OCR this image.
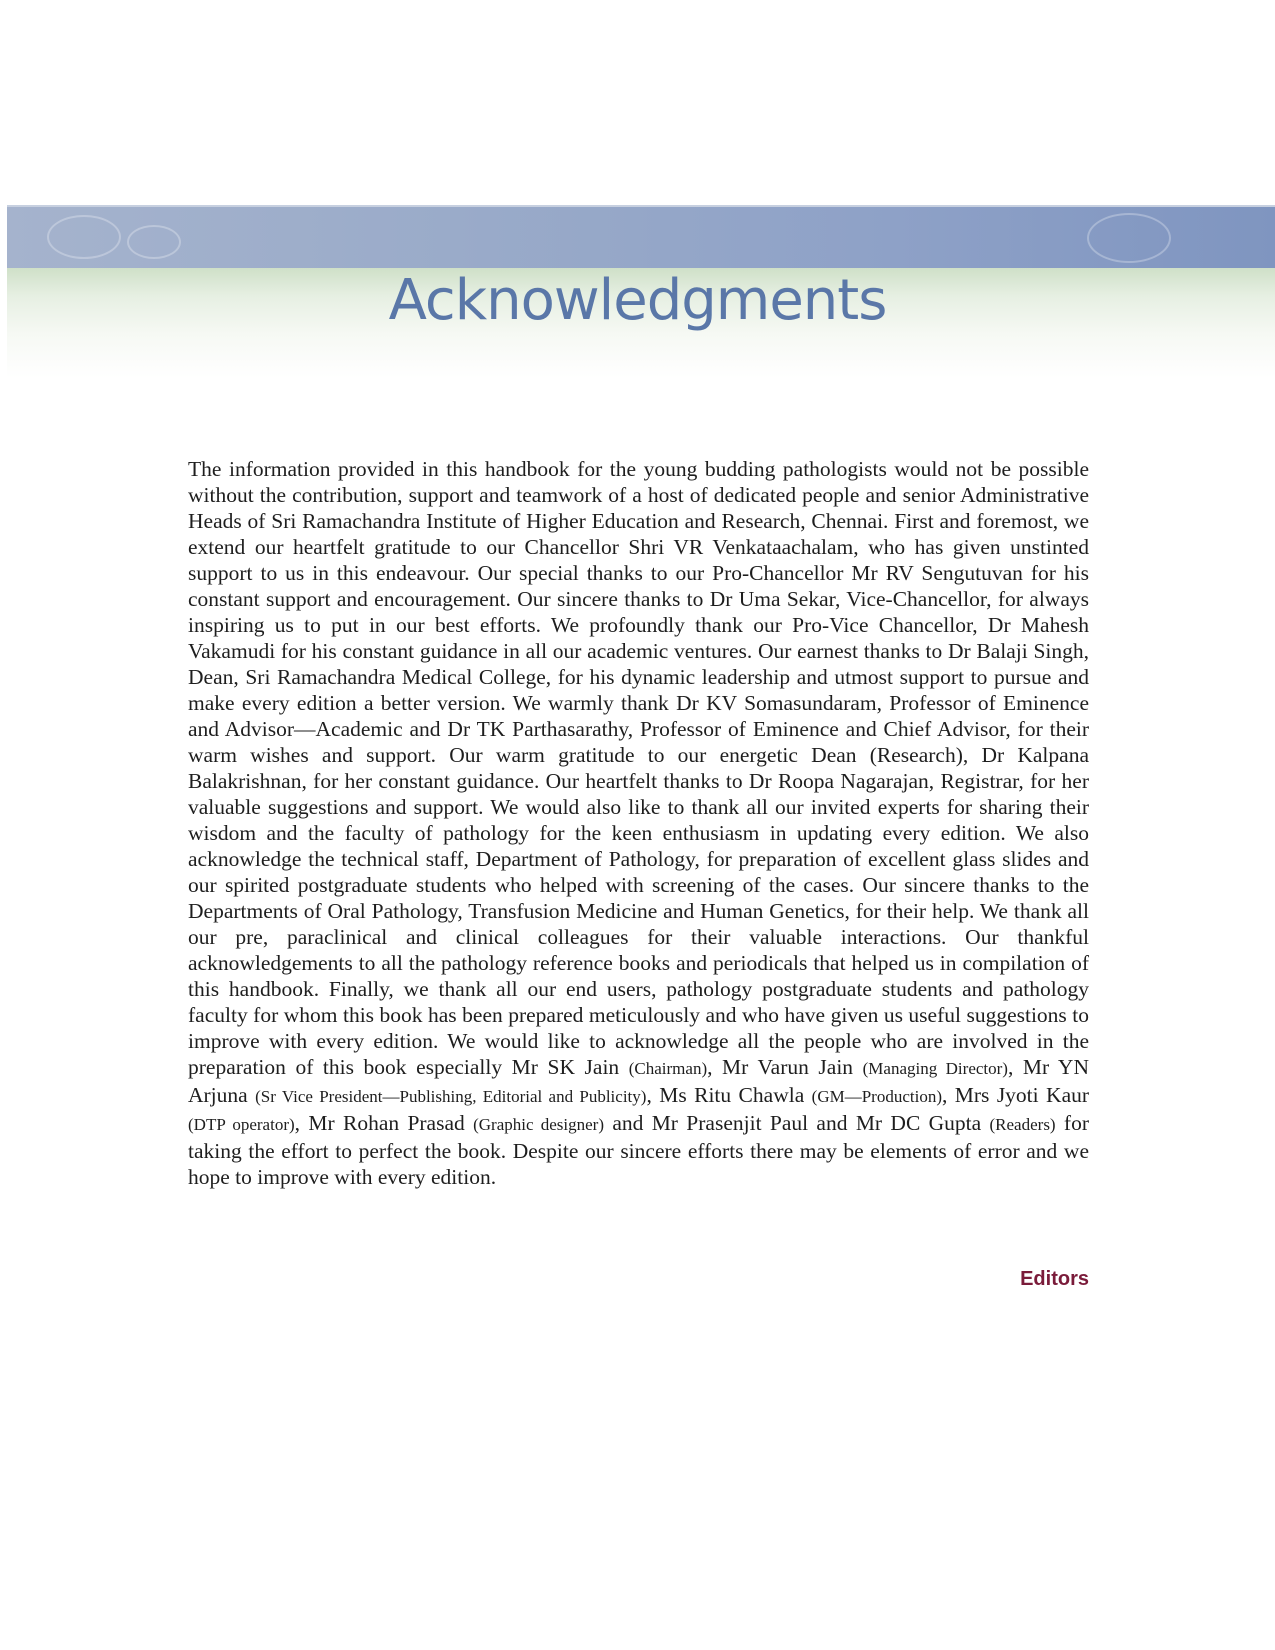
Acknowledgments

The information provided in this handbook for the young budding pathologists would not be possible without the contribution, support and teamwork of a host of dedicated people and senior Administrative Heads of Sri Ramachandra Institute of Higher Education and Research, Chennai. First and foremost, we extend our heartfelt gratitude to our Chancellor Shri VR Venkataachalam, who has given unstinted support to us in this endeavour. Our special thanks to our Pro-Chancellor Mr RV Sengutuvan for his constant support and encouragement. Our sincere thanks to Dr Uma Sekar, Vice-Chancellor, for always inspiring us to put in our best efforts. We profoundly thank our Pro-Vice Chancellor, Dr Mahesh Vakamudi for his constant guidance in all our academic ventures. Our earnest thanks to Dr Balaji Singh, Dean, Sri Ramachandra Medical College, for his dynamic leadership and utmost support to pursue and make every edition a better version. We warmly thank Dr KV Somasundaram, Professor of Eminence and Advisor—Academic and Dr TK Parthasarathy, Professor of Eminence and Chief Advisor, for their warm wishes and support. Our warm gratitude to our energetic Dean (Research), Dr Kalpana Balakrishnan, for her constant guidance. Our heartfelt thanks to Dr Roopa Nagarajan, Registrar, for her valuable suggestions and support. We would also like to thank all our invited experts for sharing their wisdom and the faculty of pathology for the keen enthusiasm in updating every edition. We also acknowledge the technical staff, Department of Pathology, for preparation of excellent glass slides and our spirited postgraduate students who helped with screening of the cases. Our sincere thanks to the Departments of Oral Pathology, Transfusion Medicine and Human Genetics, for their help. We thank all our pre, paraclinical and clinical colleagues for their valuable interactions. Our thankful acknowledgements to all the pathology reference books and periodicals that helped us in compilation of this handbook. Finally, we thank all our end users, pathology postgraduate students and pathology faculty for whom this book has been prepared meticulously and who have given us useful suggestions to improve with every edition. We would like to acknowledge all the people who are involved in the preparation of this book especially Mr SK Jain (Chairman), Mr Varun Jain (Managing Director), Mr YN Arjuna (Sr Vice President—Publishing, Editorial and Publicity), Ms Ritu Chawla (GM—Production), Mrs Jyoti Kaur (DTP operator), Mr Rohan Prasad (Graphic designer) and Mr Prasenjit Paul and Mr DC Gupta (Readers) for taking the effort to perfect the book. Despite our sincere efforts there may be elements of error and we hope to improve with every edition.

Editors
